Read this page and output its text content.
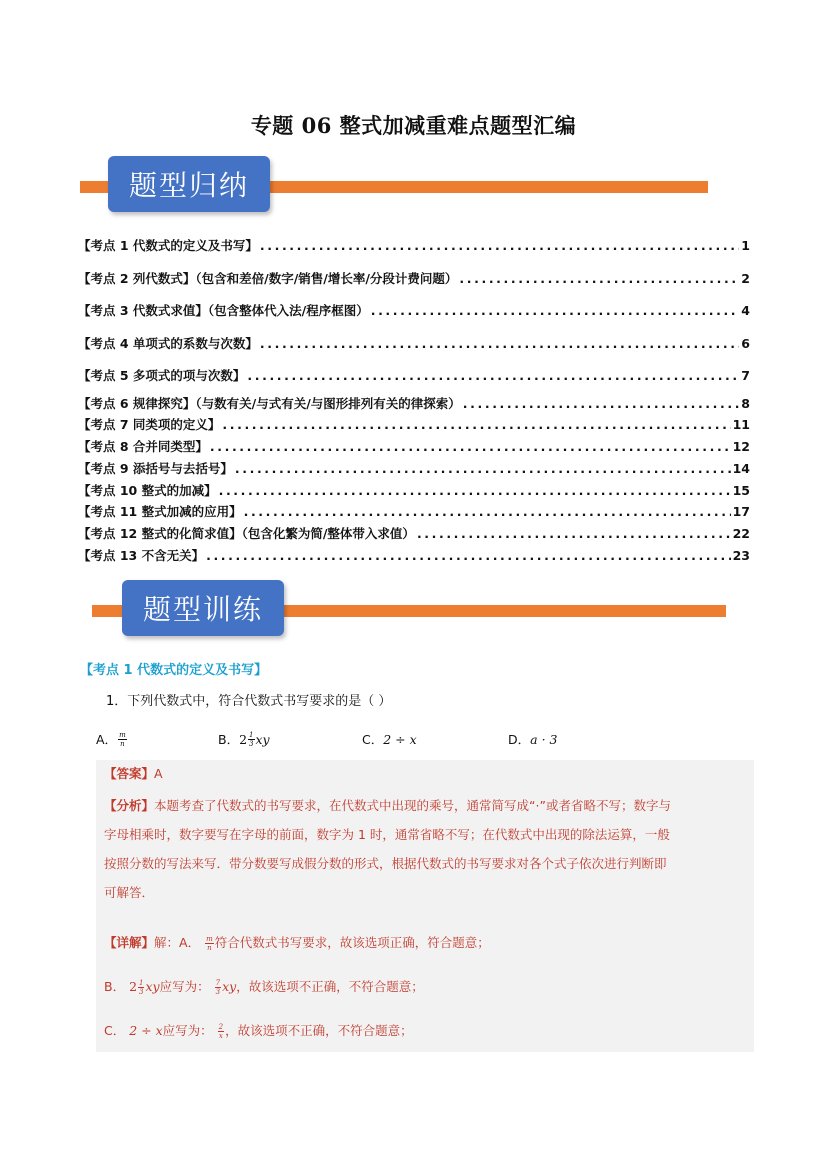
专题 06 整式加减重难点题型汇编
题型归纳
【考点 1 代数式的定义及书写】 .....	1
【考点 2 列代数式】（包含和差倍/数字/销售/增长率/分段计费问题） .....	2
【考点 3 代数式求值】（包含整体代入法/程序框图） .....	4
【考点 4 单项式的系数与次数】 .....	6
【考点 5 多项式的项与次数】 .....	7
【考点 6 规律探究】（与数有关/与式有关/与图形排列有关的律探索） .....	8
【考点 7 同类项的定义】 .....	11
【考点 8 合并同类型】 .....	12
【考点 9 添括号与去括号】 .....	14
【考点 10 整式的加减】 .....	15
【考点 11 整式加减的应用】 .....	17
【考点 12 整式的化简求值】（包含化繁为简/整体带入求值） .....	22
【考点 13 不含无关】 .....	23
题型训练
【考点 1 代数式的定义及书写】
1．下列代数式中，符合代数式书写要求的是（ ）
A． $\frac{m}{n}$	B． $2 \frac{1}{3}$ xy	C． 2 ÷ x	D． a · 3
【答案】A
【分析】本题考查了代数式的书写要求，在代数式中出现的乘号，通常简写成“·”或者省略不写；数字与
字母相乘时，数字要写在字母的前面，数字为 1 时，通常省略不写；在代数式中出现的除法运算，一般
按照分数的写法来写．带分数要写成假分数的形式，根据代数式的书写要求对各个式子依次进行判断即
可解答．
【详解】解：A． $\frac{m}{n}$ 符合代数式书写要求，故该选项正确，符合题意；
B． $2 \frac{1}{3}$ xy应写为： $\frac{7}{3}$ xy，故该选项不正确，不符合题意；
C． 2 ÷ x应写为： $\frac{2}{x}$ ，故该选项不正确，不符合题意；
